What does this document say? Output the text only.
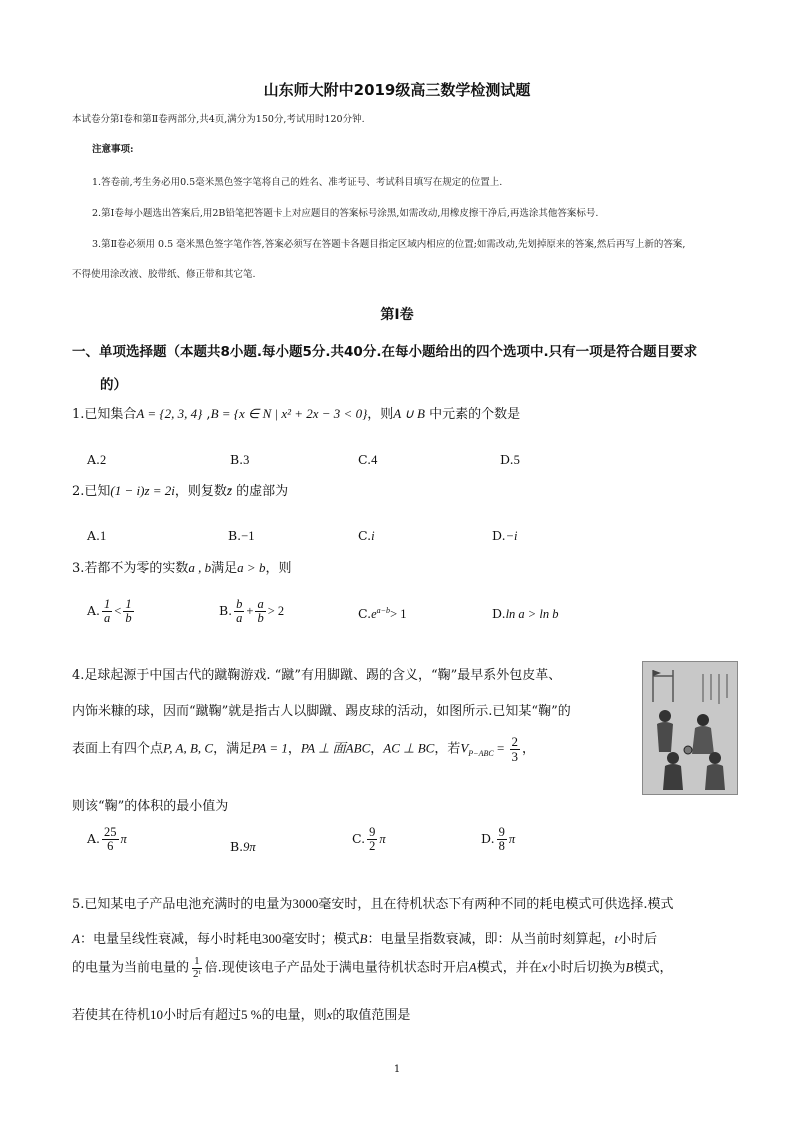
山东师大附中2019级高三数学检测试题
本试卷分第Ⅰ卷和第Ⅱ卷两部分,共4页,满分为150分,考试用时120分钟.
注意事项:
1.答卷前,考生务必用0.5毫米黑色签字笔将自己的姓名、准考证号、考试科目填写在规定的位置上.
2.第Ⅰ卷每小题选出答案后,用2B铅笔把答题卡上对应题目的答案标号涂黑,如需改动,用橡皮擦干净后,再选涂其他答案标号.
3.第Ⅱ卷必须用 0.5 毫米黑色签字笔作答,答案必须写在答题卡各题目指定区域内相应的位置;如需改动,先划掉原来的答案,然后再写上新的答案,
不得使用涂改液、胶带纸、修正带和其它笔.
第Ⅰ卷
一、单项选择题（本题共8小题.每小题5分.共40分.在每小题给出的四个选项中.只有一项是符合题目要求
的）
1.已知集合A = {2, 3, 4} ,B = {x ∈ N | x² + 2x − 3 < 0}，则A ∪ B 中元素的个数是
A.2	B.3	C.4	D.5
2.已知(1 − i)z = 2i，则复数z̄ 的虚部为
A.1	B.−1	C.i	D.−i
3.若都不为零的实数a , b满足a > b，则
A. $\frac{1}{a} < \frac{1}{b}$	B. $\frac{b}{a} + \frac{a}{b} > 2$	$C.e^{a-b}> 1$	D.ln a > ln b
4.足球起源于中国古代的蹴鞠游戏. “蹴”有用脚蹴、踢的含义，“鞠”最早系外包皮革、
内饰米糠的球，因而“蹴鞠”就是指古人以脚蹴、踢皮球的活动，如图所示.已知某“鞠”的
表面上有四个点P, A, B, C，满足PA = 1，PA ⊥ 面ABC，AC ⊥ BC，若$V_{P-ABC} = \frac{2}{3}$ ，
则该“鞠”的体积的最小值为
A. $\frac{25}{6}$ π	B.9π
C. $\frac{9}{2}$ π	D. $\frac{9}{8}$ π
5.已知某电子产品电池充满时的电量为3000毫安时，且在待机状态下有两种不同的耗电模式可供选择.模式
A：电量呈线性衰减，每小时耗电300毫安时；模式B：电量呈指数衰减，即：从当前时刻算起，t小时后
的电量为当前电量的 $\frac{1}{\text{2ᵗ}}$ 倍.现使该电子产品处于满电量待机状态时开启A模式，并在x小时后切换为B模式，
若使其在待机10小时后有超过5 %的电量，则x的取值范围是
1
